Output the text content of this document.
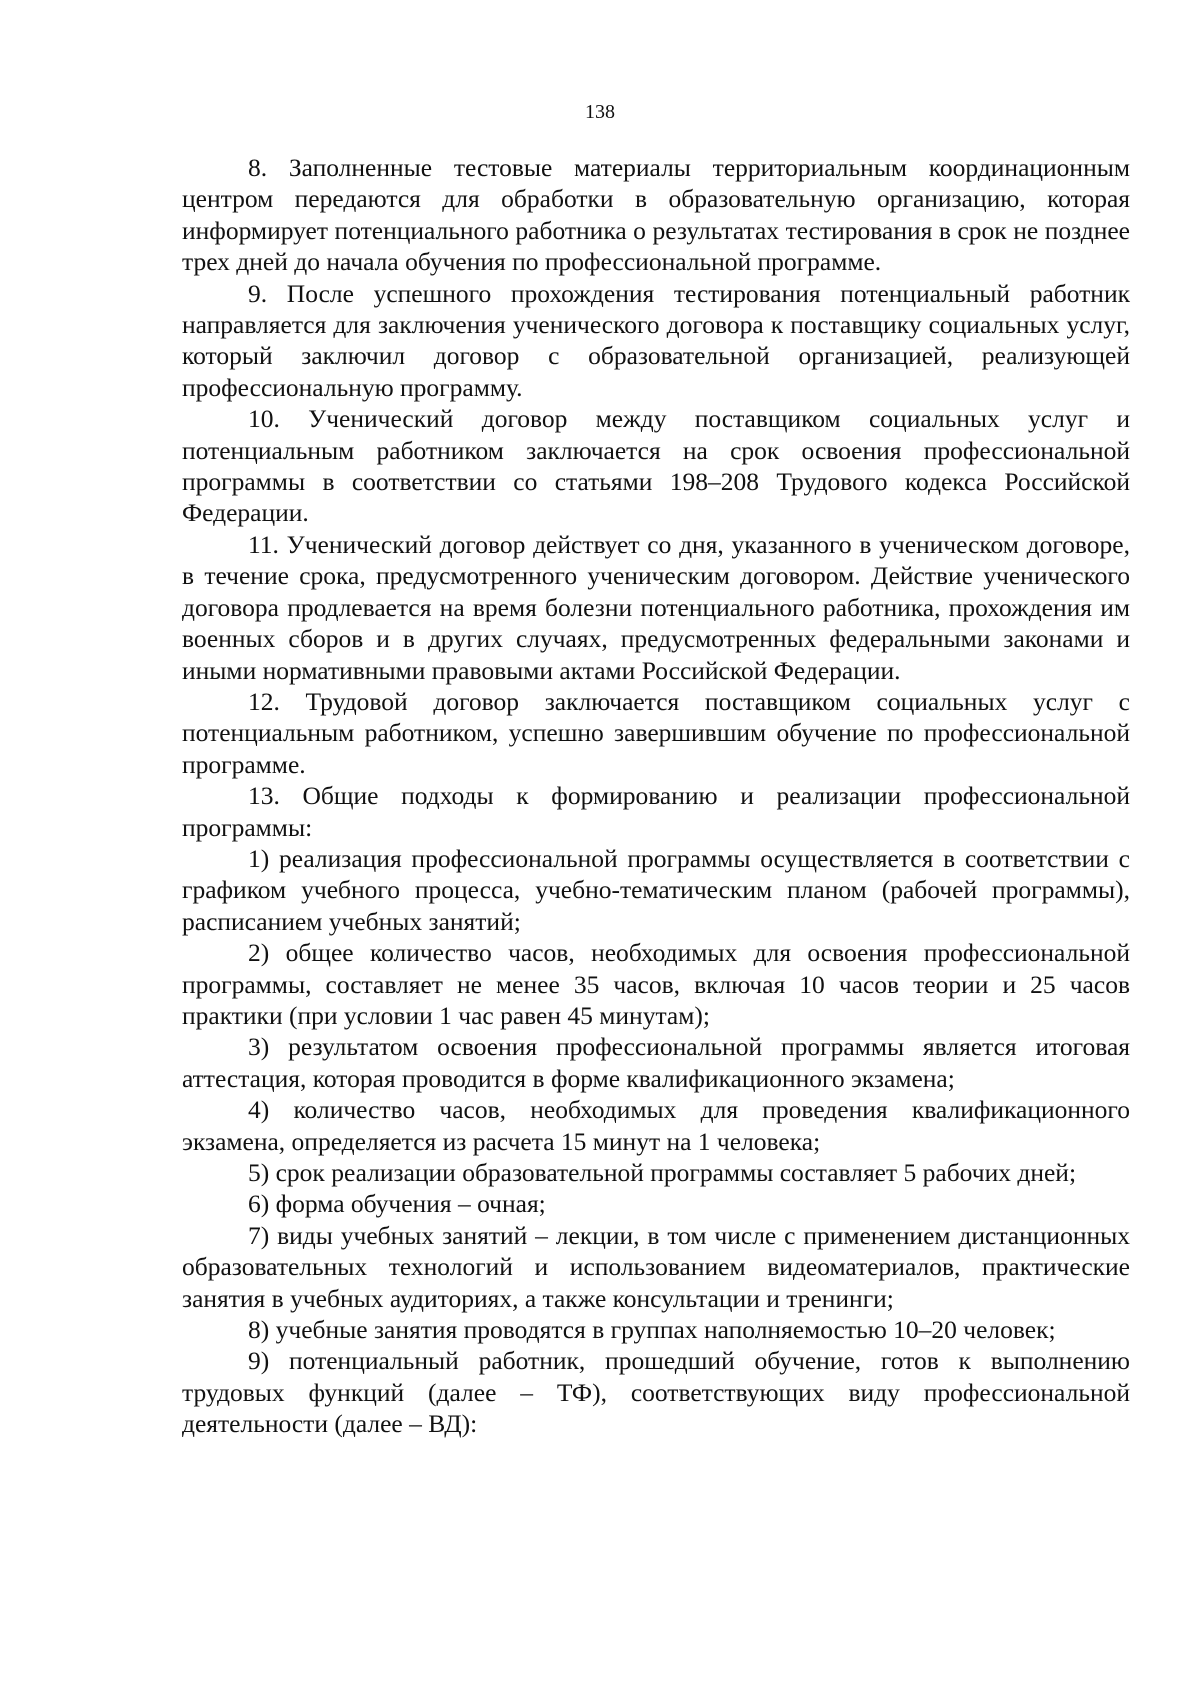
138

8. Заполненные тестовые материалы территориальным координационным центром передаются для обработки в образовательную организацию, которая информирует потенциального работника о результатах тестирования в срок не позднее трех дней до начала обучения по профессиональной программе.

9. После успешного прохождения тестирования потенциальный работник направляется для заключения ученического договора к поставщику социальных услуг, который заключил договор с образовательной организацией, реализующей профессиональную программу.

10. Ученический договор между поставщиком социальных услуг и потенциальным работником заключается на срок освоения профессиональной программы в соответствии со статьями 198–208 Трудового кодекса Российской Федерации.

11. Ученический договор действует со дня, указанного в ученическом договоре, в течение срока, предусмотренного ученическим договором. Действие ученического договора продлевается на время болезни потенциального работника, прохождения им военных сборов и в других случаях, предусмотренных федеральными законами и иными нормативными правовыми актами Российской Федерации.

12. Трудовой договор заключается поставщиком социальных услуг с потенциальным работником, успешно завершившим обучение по профессиональной программе.

13. Общие подходы к формированию и реализации профессиональной программы:

1) реализация профессиональной программы осуществляется в соответствии с графиком учебного процесса, учебно-тематическим планом (рабочей программы), расписанием учебных занятий;

2) общее количество часов, необходимых для освоения профессиональной программы, составляет не менее 35 часов, включая 10 часов теории и 25 часов практики (при условии 1 час равен 45 минутам);

3) результатом освоения профессиональной программы является итоговая аттестация, которая проводится в форме квалификационного экзамена;

4) количество часов, необходимых для проведения квалификационного экзамена, определяется из расчета 15 минут на 1 человека;

5) срок реализации образовательной программы составляет 5 рабочих дней;

6) форма обучения – очная;

7) виды учебных занятий – лекции, в том числе с применением дистанционных образовательных технологий и использованием видеоматериалов, практические занятия в учебных аудиториях, а также консультации и тренинги;

8) учебные занятия проводятся в группах наполняемостью 10–20 человек;

9) потенциальный работник, прошедший обучение, готов к выполнению трудовых функций (далее – ТФ), соответствующих виду профессиональной деятельности (далее – ВД):
